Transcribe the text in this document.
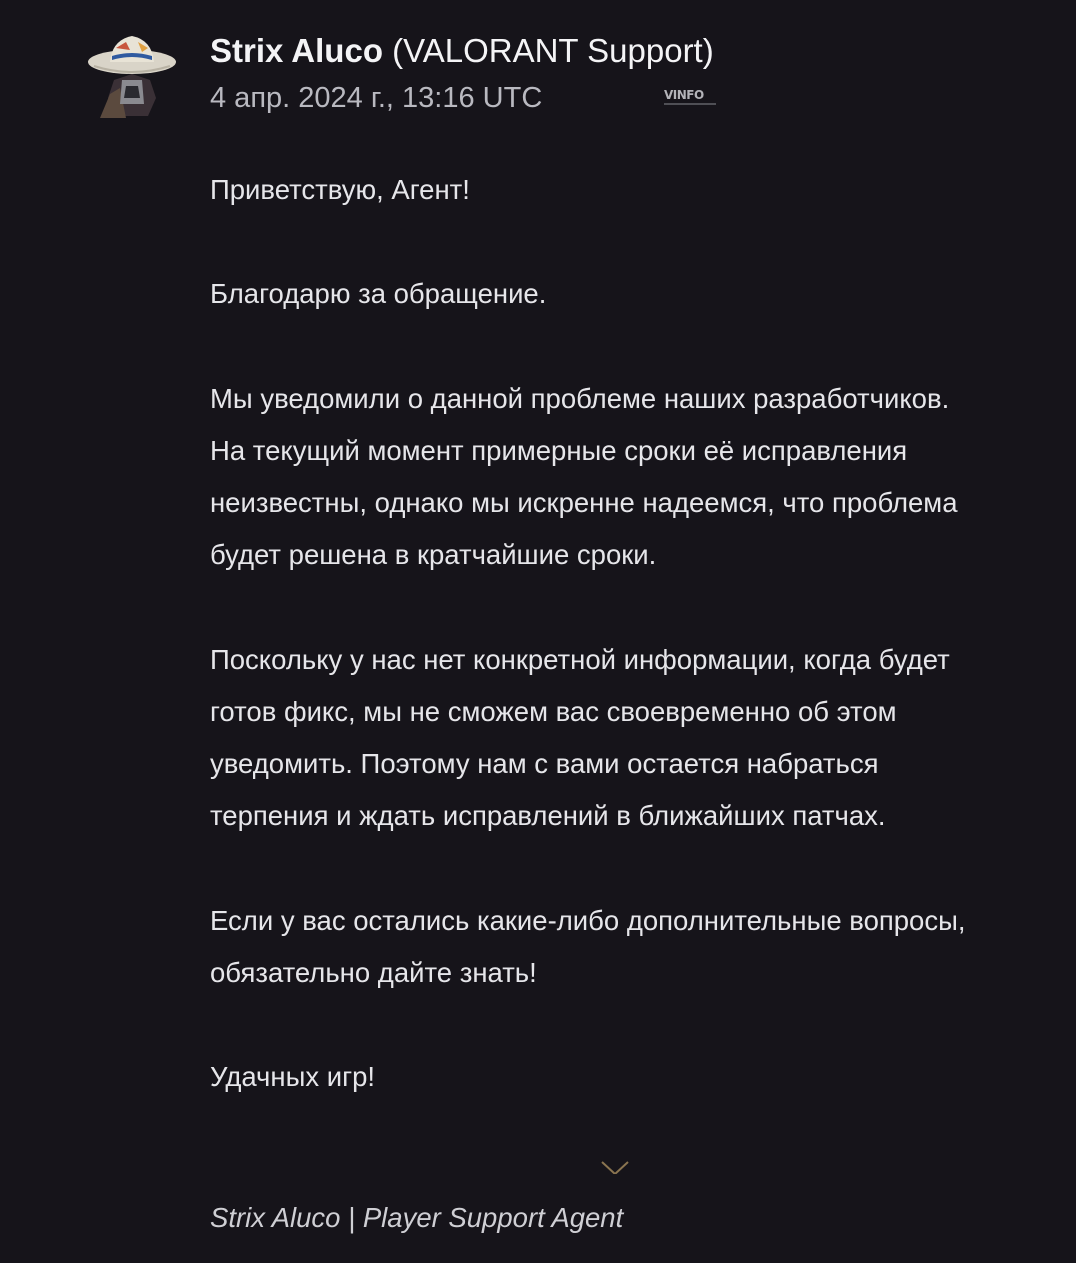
Strix Aluco (VALORANT Support)
4 апр. 2024 г., 13:16 UTC	VINFO

Приветствую, Агент!

Благодарю за обращение.

Мы уведомили о данной проблеме наших разработчиков.
На текущий момент примерные сроки её исправления
неизвестны, однако мы искренне надеемся, что проблема
будет решена в кратчайшие сроки.

Поскольку у нас нет конкретной информации, когда будет
готов фикс, мы не сможем вас своевременно об этом
уведомить. Поэтому нам с вами остается набраться
терпения и ждать исправлений в ближайших патчах.

Если у вас остались какие-либо дополнительные вопросы,
обязательно дайте знать!

Удачных игр!

Strix Aluco | Player Support Agent
